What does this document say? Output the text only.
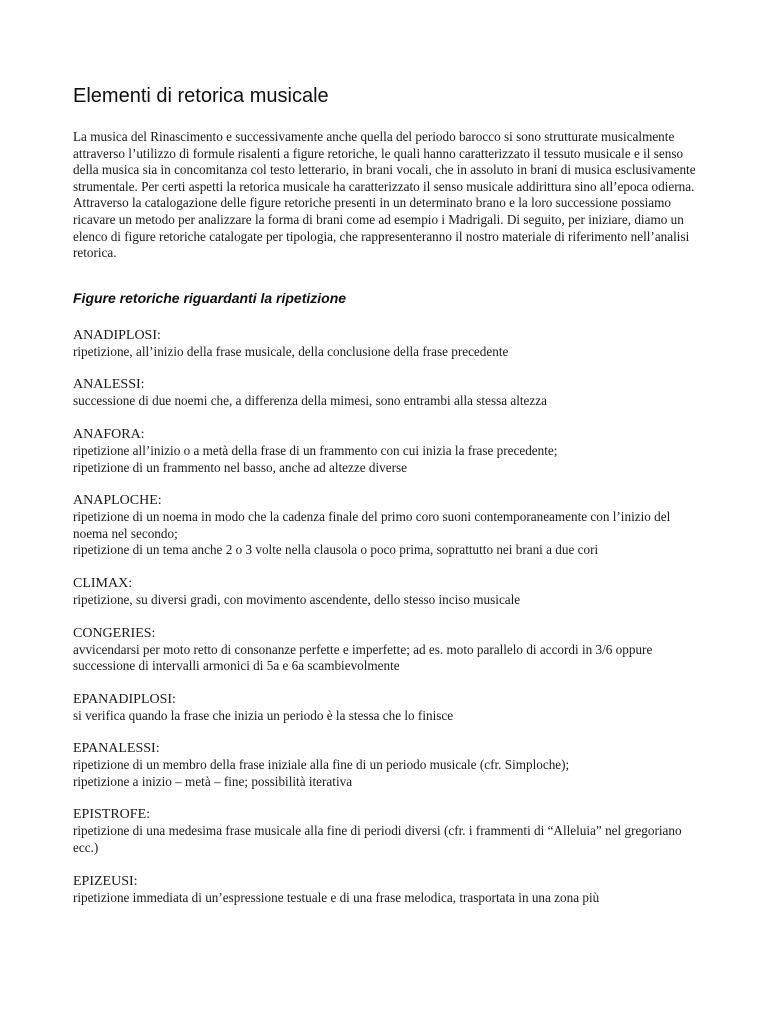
Elementi di retorica musicale

La musica del Rinascimento e successivamente anche quella del periodo barocco si sono strutturate musicalmente attraverso l’utilizzo di formule risalenti a figure retoriche, le quali hanno caratterizzato il tessuto musicale e il senso della musica sia in concomitanza col testo letterario, in brani vocali, che in assoluto in brani di musica esclusivamente strumentale. Per certi aspetti la retorica musicale ha caratterizzato il senso musicale addirittura sino all’epoca odierna. Attraverso la catalogazione delle figure retoriche presenti in un determinato brano e la loro successione possiamo ricavare un metodo per analizzare la forma di brani come ad esempio i Madrigali. Di seguito, per iniziare, diamo un elenco di figure retoriche catalogate per tipologia, che rappresenteranno il nostro materiale di riferimento nell’analisi retorica.

Figure retoriche riguardanti la ripetizione
ANADIPLOSI:
ripetizione, all’inizio della frase musicale, della conclusione della frase precedente
ANALESSI:
successione di due noemi che, a differenza della mimesi, sono entrambi alla stessa altezza
ANAFORA:
ripetizione all’inizio o a metà della frase di un frammento con cui inizia la frase precedente;
ripetizione di un frammento nel basso, anche ad altezze diverse
ANAPLOCHE:
ripetizione di un noema in modo che la cadenza finale del primo coro suoni contemporaneamente con l’inizio del noema nel secondo;
ripetizione di un tema anche 2 o 3 volte nella clausola o poco prima, soprattutto nei brani a due cori
CLIMAX:
ripetizione, su diversi gradi, con movimento ascendente, dello stesso inciso musicale
CONGERIES:
avvicendarsi per moto retto di consonanze perfette e imperfette; ad es. moto parallelo di accordi in 3/6 oppure successione di intervalli armonici di 5a e 6a scambievolmente
EPANADIPLOSI:
si verifica quando la frase che inizia un periodo è la stessa che lo finisce
EPANALESSI:
ripetizione di un membro della frase iniziale alla fine di un periodo musicale (cfr. Simploche);
ripetizione a inizio – metà – fine; possibilità iterativa
EPISTROFE:
ripetizione di una medesima frase musicale alla fine di periodi diversi (cfr. i frammenti di “Alleluia” nel gregoriano ecc.)
EPIZEUSI:
ripetizione immediata di un’espressione testuale e di una frase melodica, trasportata in una zona più
